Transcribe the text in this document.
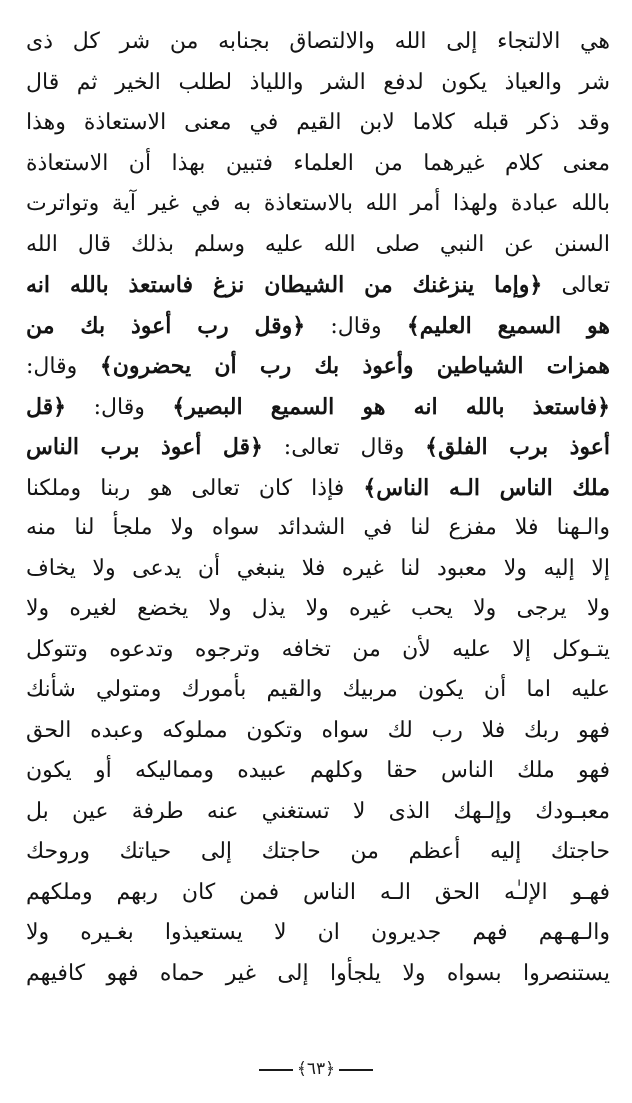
هي الالتجاء إلى الله والالتصاق بجنابه من شر كل ذى
شر والعياذ يكون لدفع الشر واللياذ لطلب الخير ثم قال
وقد ذكر قبله كلاما لابن القيم في معنى الاستعاذة وهذا
معنى كلام غيرهما من العلماء فتبين بهذا أن الاستعاذة
بالله عبادة ولهذا أمر الله بالاستعاذة به في غير آية وتواترت
السنن عن النبي صلى الله عليه وسلم بذلك قال الله
تعالى ﴿وإما ينزغنك من الشيطان نزغ فاستعذ بالله انه
هو السميع العليم﴾ وقال: ﴿وقل رب أعوذ بك من
همزات الشياطين وأعوذ بك رب أن يحضرون﴾ وقال:
﴿فاستعذ بالله انه هو السميع البصير﴾ وقال: ﴿قل
أعوذ برب الفلق﴾ وقال تعالى: ﴿قل أعوذ برب الناس
ملك الناس الـه الناس﴾ فإذا كان تعالى هو ربنا وملكنا
والـهنا فلا مفزع لنا في الشدائد سواه ولا ملجأ لنا منه
إلا إليه ولا معبود لنا غيره فلا ينبغي أن يدعى ولا يخاف
ولا يرجى ولا يحب غيره ولا يذل ولا يخضع لغيره ولا
يتـوكل إلا عليه لأن من تخافه وترجوه وتدعوه وتتوكل
عليه اما أن يكون مربيك والقيم بأمورك ومتولي شأنك
فهو ربك فلا رب لك سواه وتكون مملوكه وعبده الحق
فهو ملك الناس حقا وكلهم عبيده ومماليكه أو يكون
معبـودك وإلـهك الذى لا تستغني عنه طرفة عين بل
حاجتك إليه أعظم من حاجتك إلى حياتك وروحك
فهـو الإلـٰه الحق الـه الناس فمن كان ربهم وملكهم
والـهـهم فهم جديرون ان لا يستعيذوا بغـيره ولا
يستنصروا بسواه ولا يلجأوا إلى غير حماه فهو كافيهم
﴿٦٣﴾
